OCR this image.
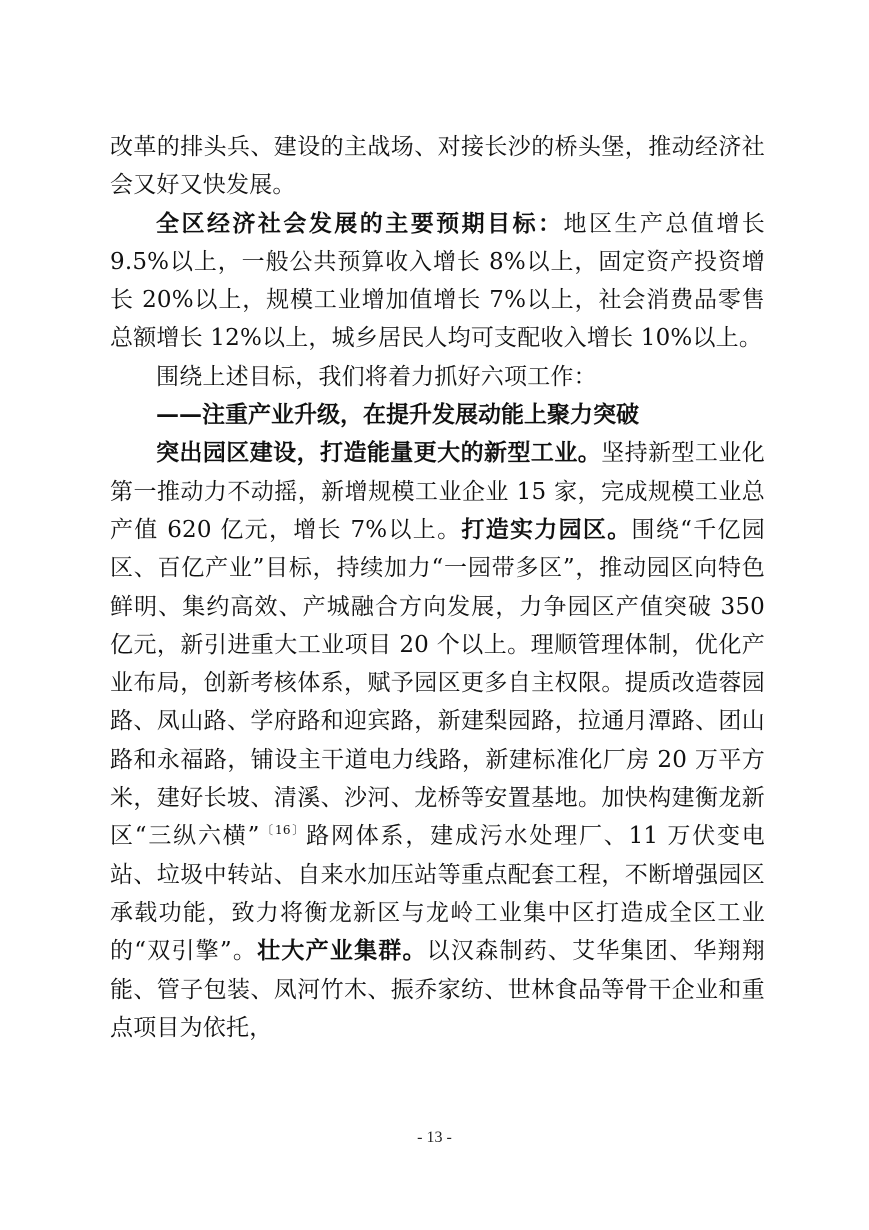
改革的排头兵、建设的主战场、对接长沙的桥头堡，推动经济社会又好又快发展。

全区经济社会发展的主要预期目标：地区生产总值增长 9.5%以上，一般公共预算收入增长 8%以上，固定资产投资增长 20%以上，规模工业增加值增长 7%以上，社会消费品零售总额增长 12%以上，城乡居民人均可支配收入增长 10%以上。

围绕上述目标，我们将着力抓好六项工作：

——注重产业升级，在提升发展动能上聚力突破

突出园区建设，打造能量更大的新型工业。坚持新型工业化第一推动力不动摇，新增规模工业企业 15 家，完成规模工业总产值 620 亿元，增长 7%以上。打造实力园区。围绕“千亿园区、百亿产业”目标，持续加力“一园带多区”，推动园区向特色鲜明、集约高效、产城融合方向发展，力争园区产值突破 350 亿元，新引进重大工业项目 20 个以上。理顺管理体制，优化产业布局，创新考核体系，赋予园区更多自主权限。提质改造蓉园路、凤山路、学府路和迎宾路，新建梨园路，拉通月潭路、团山路和永福路，铺设主干道电力线路，新建标准化厂房 20 万平方米，建好长坡、清溪、沙河、龙桥等安置基地。加快构建衡龙新区“三纵六横”$^{〔16〕}$路网体系，建成污水处理厂、11 万伏变电站、垃圾中转站、自来水加压站等重点配套工程，不断增强园区承载功能，致力将衡龙新区与龙岭工业集中区打造成全区工业的“双引擎”。壮大产业集群。以汉森制药、艾华集团、华翔翔能、管子包装、凤河竹木、振乔家纺、世林食品等骨干企业和重点项目为依托，

- 13 -
